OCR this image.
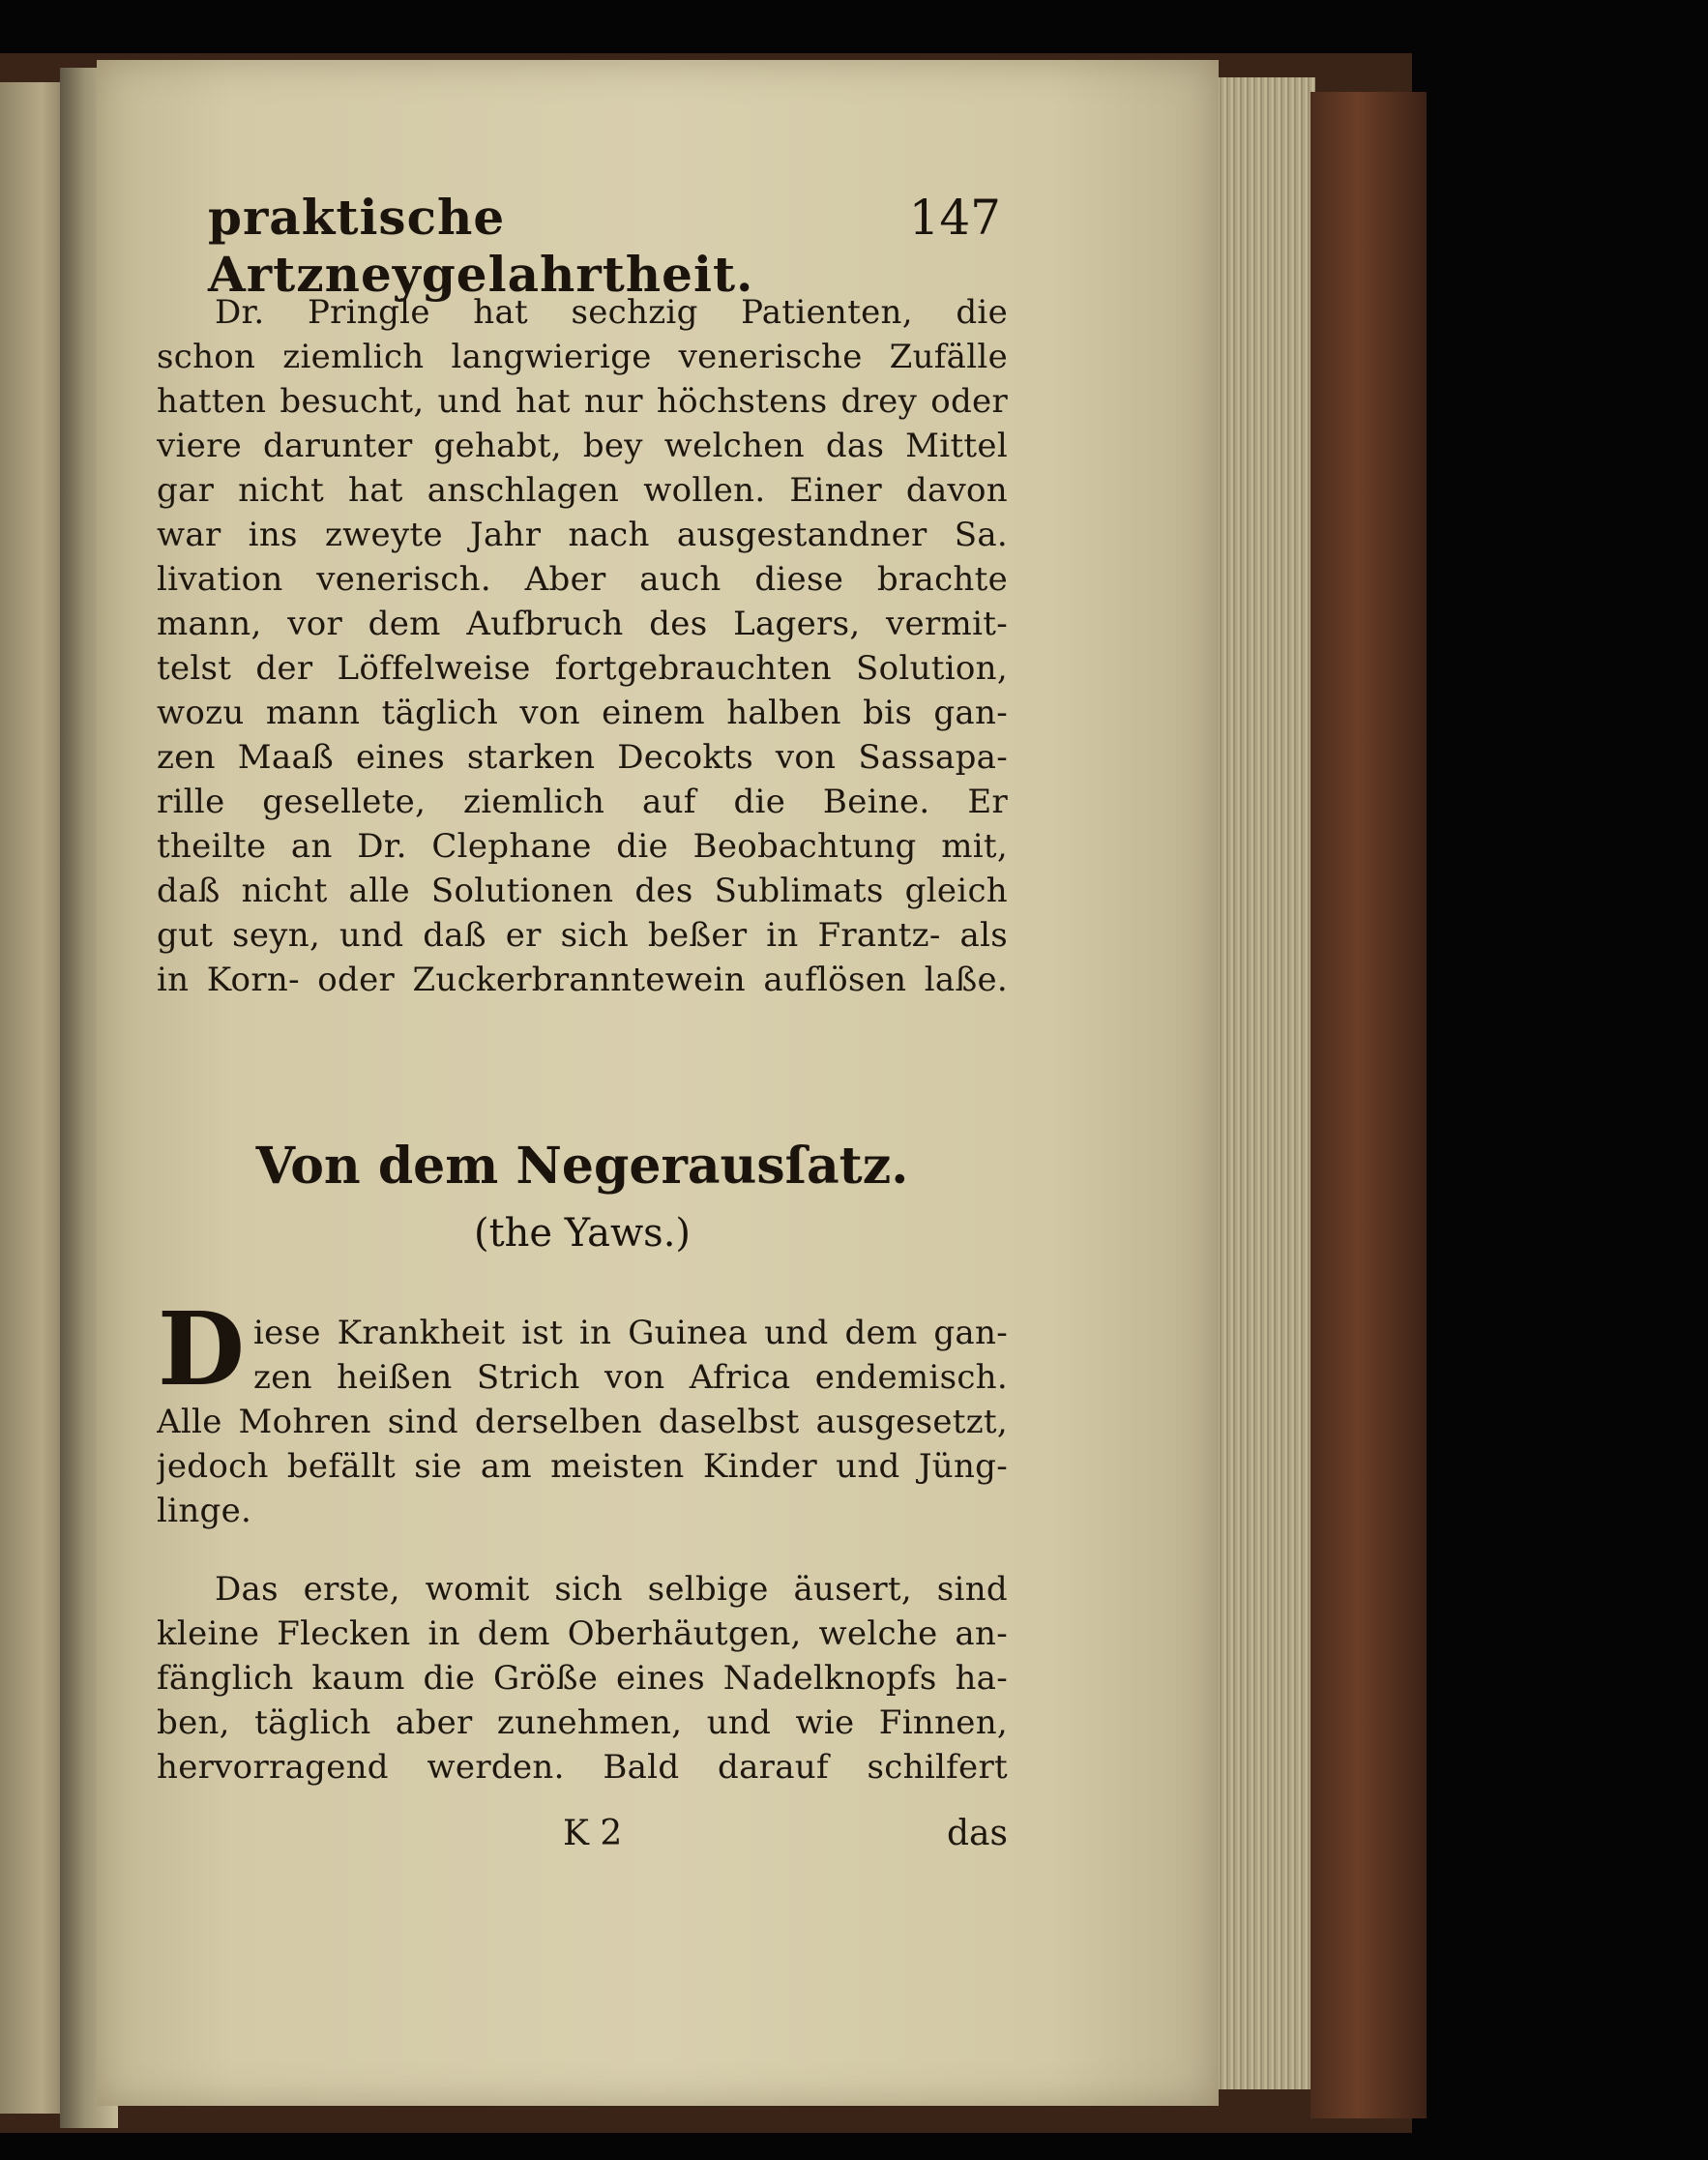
praktische Artzneygelahrtheit.
147
Dr. Pringle hat sechzig Patienten, die
schon ziemlich langwierige venerische Zufälle
hatten besucht, und hat nur höchstens drey oder
viere darunter gehabt, bey welchen das Mittel
gar nicht hat anschlagen wollen. Einer davon
war ins zweyte Jahr nach ausgestandner Sa.
livation venerisch. Aber auch diese brachte
mann, vor dem Aufbruch des Lagers, vermit-
telst der Löffelweise fortgebrauchten Solution,
wozu mann täglich von einem halben bis gan-
zen Maaß eines starken Decokts von Sassapa-
rille gesellete, ziemlich auf die Beine. Er
theilte an Dr. Clephane die Beobachtung mit,
daß nicht alle Solutionen des Sublimats gleich
gut seyn, und daß er sich beßer in Frantz- als
in Korn- oder Zuckerbranntewein auflösen laße.
Von dem Negerausſatz.
(the Yaws.)
D iese Krankheit ist in Guinea und dem gan-
zen heißen Strich von Africa endemisch.
Alle Mohren sind derselben daselbst ausgesetzt,
jedoch befällt sie am meisten Kinder und Jüng-
linge.
Das erste, womit sich selbige äusert, sind
kleine Flecken in dem Oberhäutgen, welche an-
fänglich kaum die Größe eines Nadelknopfs ha-
ben, täglich aber zunehmen, und wie Finnen,
hervorragend werden. Bald darauf schilfert
K 2	das
